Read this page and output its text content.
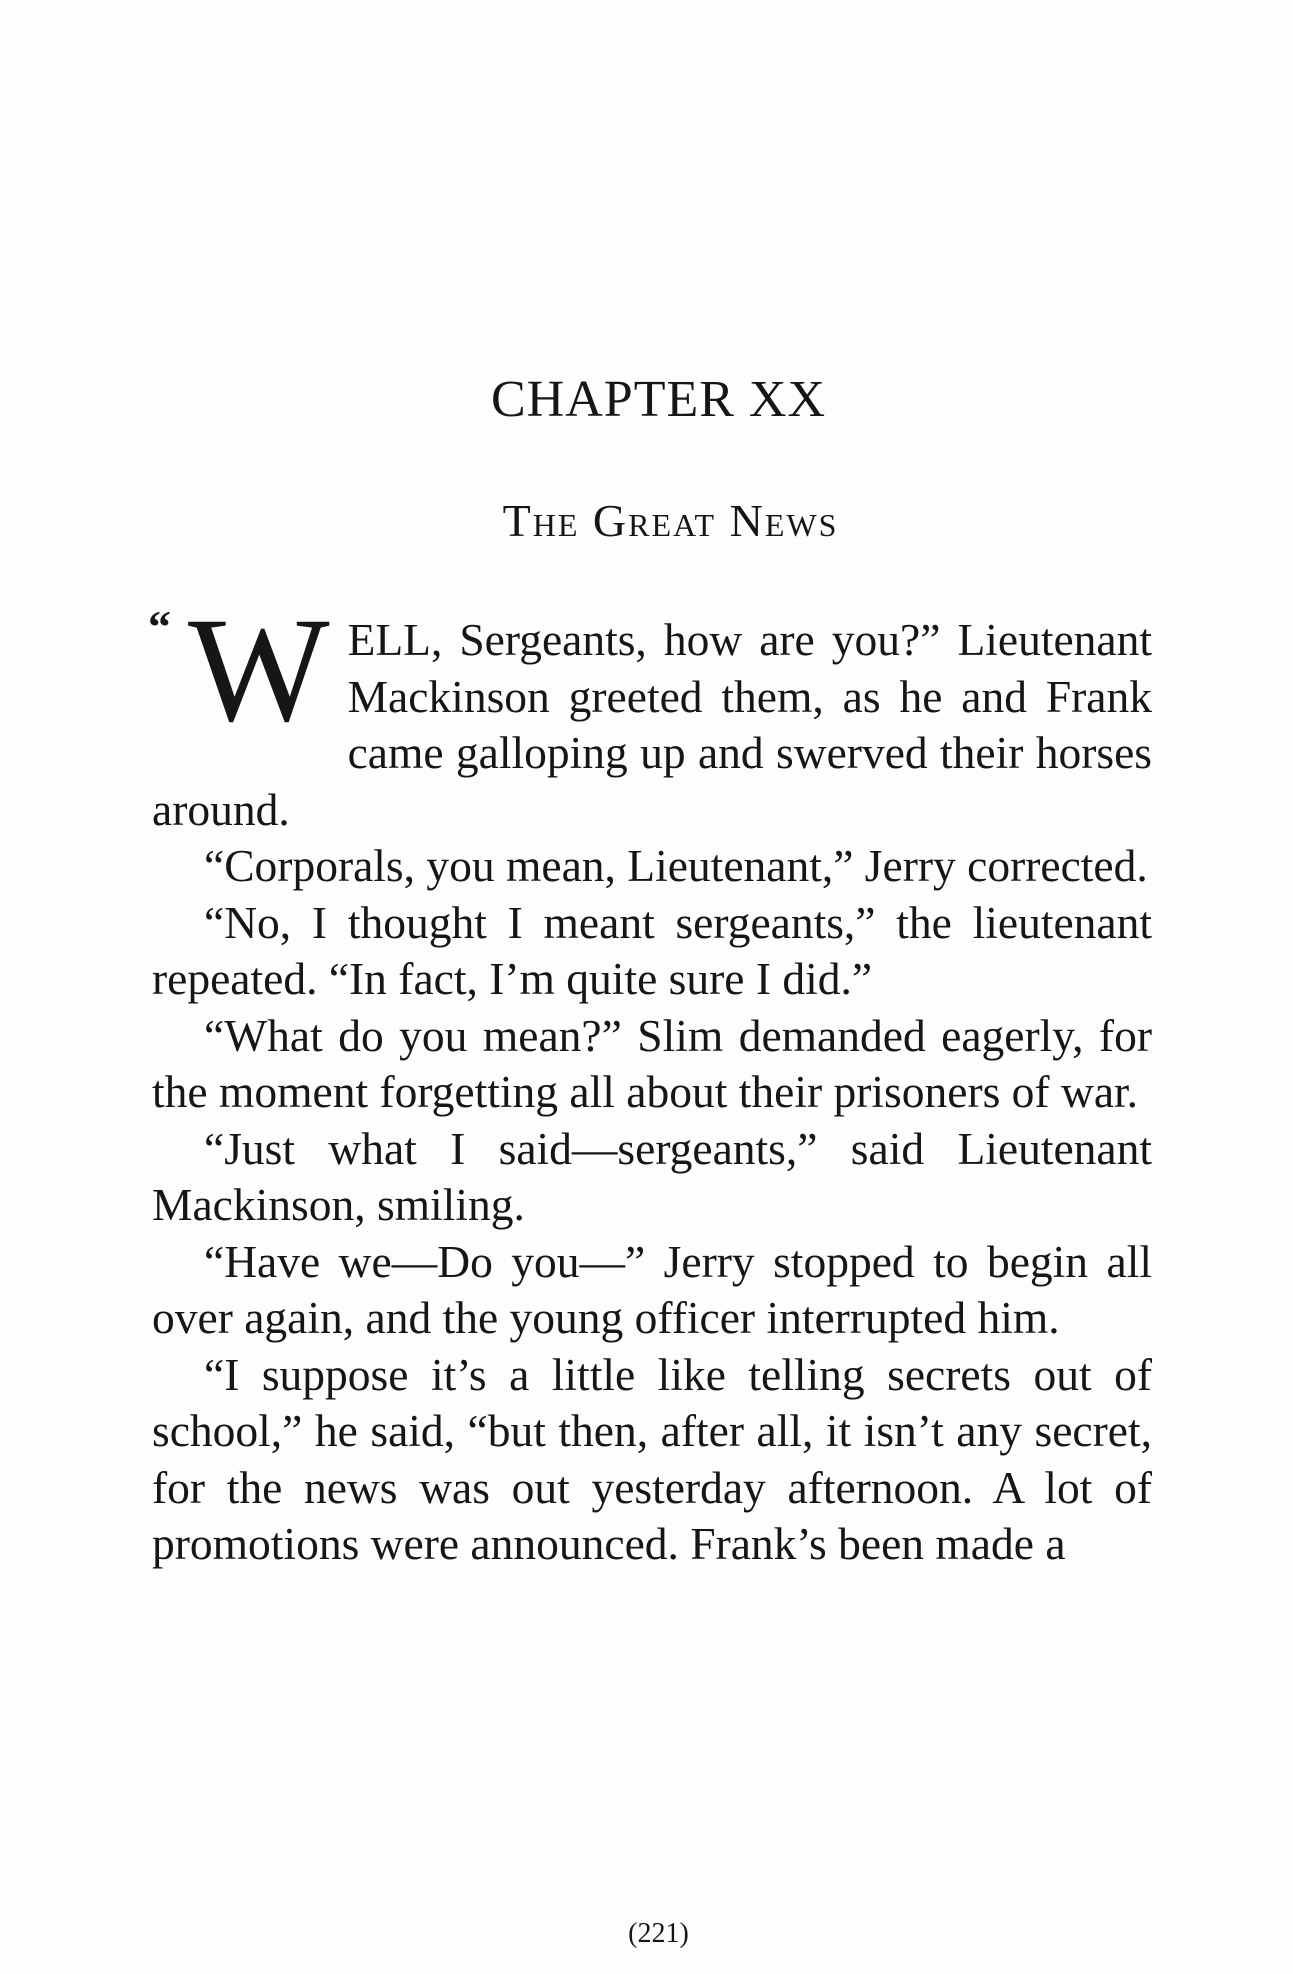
CHAPTER XX
The Great News

“ W ELL, Sergeants, how are you?” Lieutenant Mackinson greeted them, as he and Frank came galloping up and swerved their horses around.

“Corporals, you mean, Lieutenant,” Jerry corrected.

“No, I thought I meant sergeants,” the lieutenant repeated. “In fact, I’m quite sure I did.”

“What do you mean?” Slim demanded eagerly, for the moment forgetting all about their prisoners of war.

“Just what I said—sergeants,” said Lieutenant Mackinson, smiling.

“Have we—Do you—” Jerry stopped to begin all over again, and the young officer interrupted him.

“I suppose it’s a little like telling secrets out of school,” he said, “but then, after all, it isn’t any secret, for the news was out yesterday afternoon. A lot of promotions were announced. Frank’s been made a

(221)
